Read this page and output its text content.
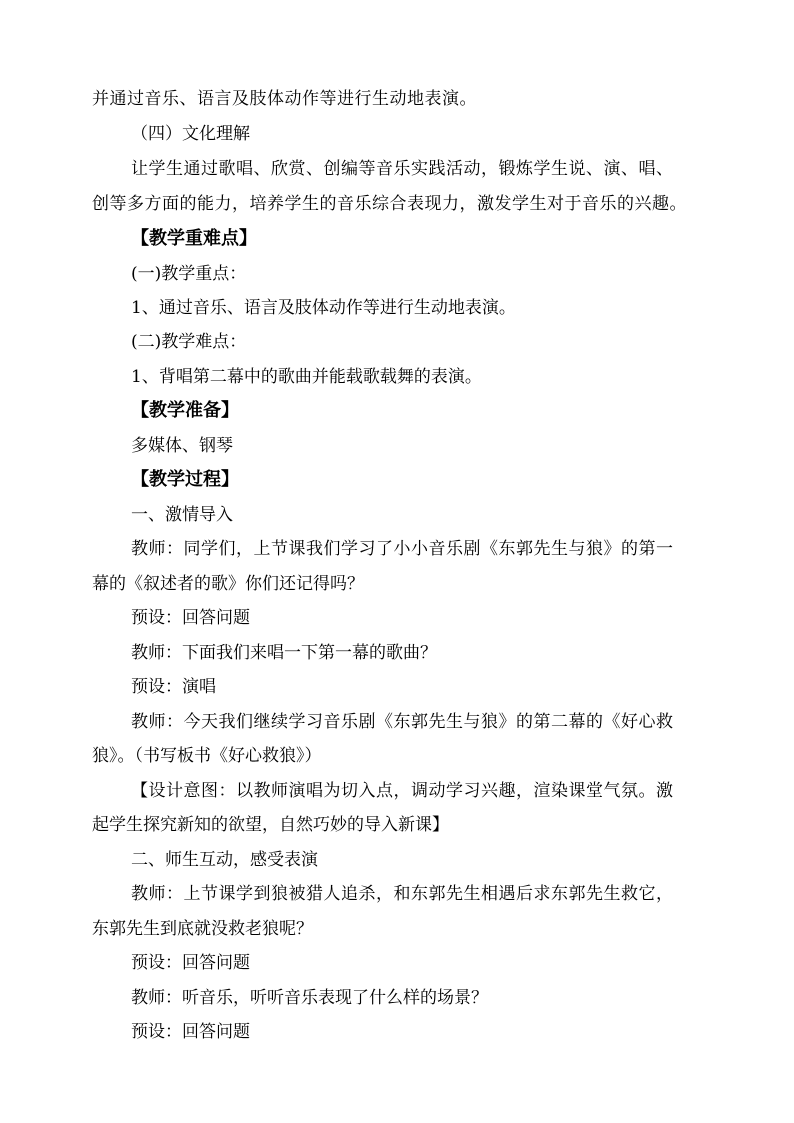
并通过音乐、语言及肢体动作等进行生动地表演。
（四）文化理解
让学生通过歌唱、欣赏、创编等音乐实践活动，锻炼学生说、演、唱、
创等多方面的能力，培养学生的音乐综合表现力，激发学生对于音乐的兴趣。
【教学重难点】
(一)教学重点：
1、通过音乐、语言及肢体动作等进行生动地表演。
(二)教学难点：
1、背唱第二幕中的歌曲并能载歌载舞的表演。
【教学准备】
多媒体、钢琴
【教学过程】
一、激情导入
教师：同学们，上节课我们学习了小小音乐剧《东郭先生与狼》的第一
幕的《叙述者的歌》你们还记得吗？
预设：回答问题
教师：下面我们来唱一下第一幕的歌曲？
预设：演唱
教师：今天我们继续学习音乐剧《东郭先生与狼》的第二幕的《好心救
狼》。（书写板书《好心救狼》）
【设计意图：以教师演唱为切入点，调动学习兴趣，渲染课堂气氛。激
起学生探究新知的欲望，自然巧妙的导入新课】
二、师生互动，感受表演
教师：上节课学到狼被猎人追杀，和东郭先生相遇后求东郭先生救它，
东郭先生到底就没救老狼呢？
预设：回答问题
教师：听音乐，听听音乐表现了什么样的场景？
预设：回答问题
